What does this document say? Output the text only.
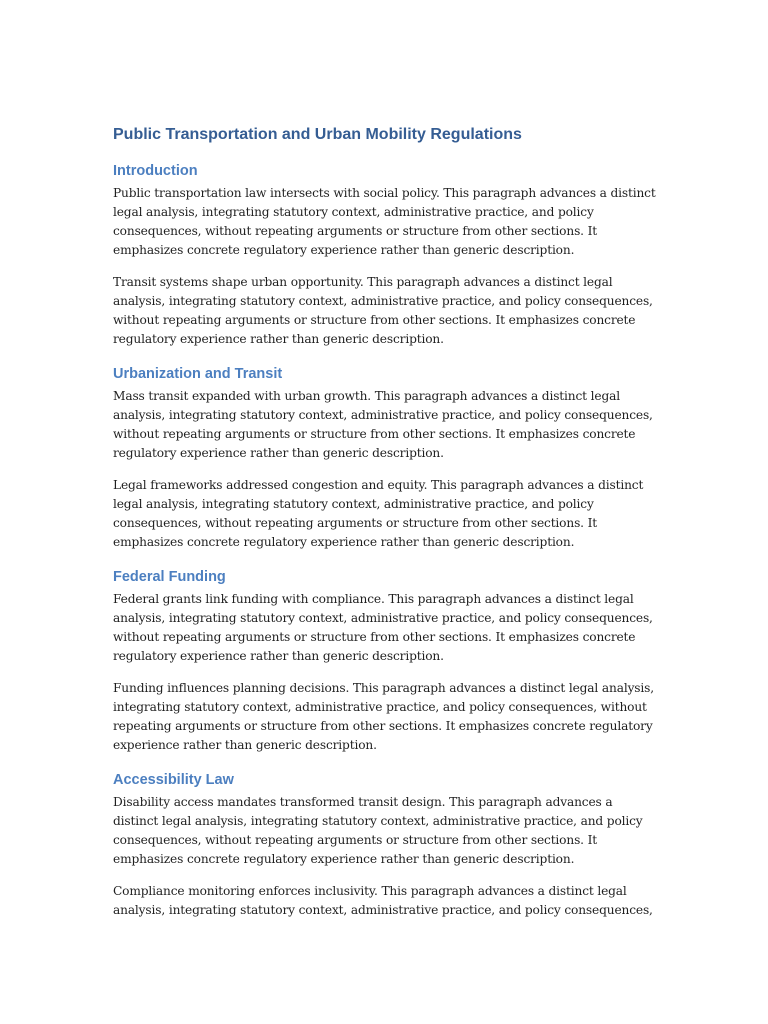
Public Transportation and Urban Mobility Regulations
Introduction

Public transportation law intersects with social policy. This paragraph advances a distinct legal analysis, integrating statutory context, administrative practice, and policy consequences, without repeating arguments or structure from other sections. It emphasizes concrete regulatory experience rather than generic description.

Transit systems shape urban opportunity. This paragraph advances a distinct legal analysis, integrating statutory context, administrative practice, and policy consequences, without repeating arguments or structure from other sections. It emphasizes concrete regulatory experience rather than generic description.

Urbanization and Transit

Mass transit expanded with urban growth. This paragraph advances a distinct legal analysis, integrating statutory context, administrative practice, and policy consequences, without repeating arguments or structure from other sections. It emphasizes concrete regulatory experience rather than generic description.

Legal frameworks addressed congestion and equity. This paragraph advances a distinct legal analysis, integrating statutory context, administrative practice, and policy consequences, without repeating arguments or structure from other sections. It emphasizes concrete regulatory experience rather than generic description.

Federal Funding

Federal grants link funding with compliance. This paragraph advances a distinct legal analysis, integrating statutory context, administrative practice, and policy consequences, without repeating arguments or structure from other sections. It emphasizes concrete regulatory experience rather than generic description.

Funding influences planning decisions. This paragraph advances a distinct legal analysis, integrating statutory context, administrative practice, and policy consequences, without repeating arguments or structure from other sections. It emphasizes concrete regulatory experience rather than generic description.

Accessibility Law

Disability access mandates transformed transit design. This paragraph advances a distinct legal analysis, integrating statutory context, administrative practice, and policy consequences, without repeating arguments or structure from other sections. It emphasizes concrete regulatory experience rather than generic description.

Compliance monitoring enforces inclusivity. This paragraph advances a distinct legal analysis, integrating statutory context, administrative practice, and policy consequences,
